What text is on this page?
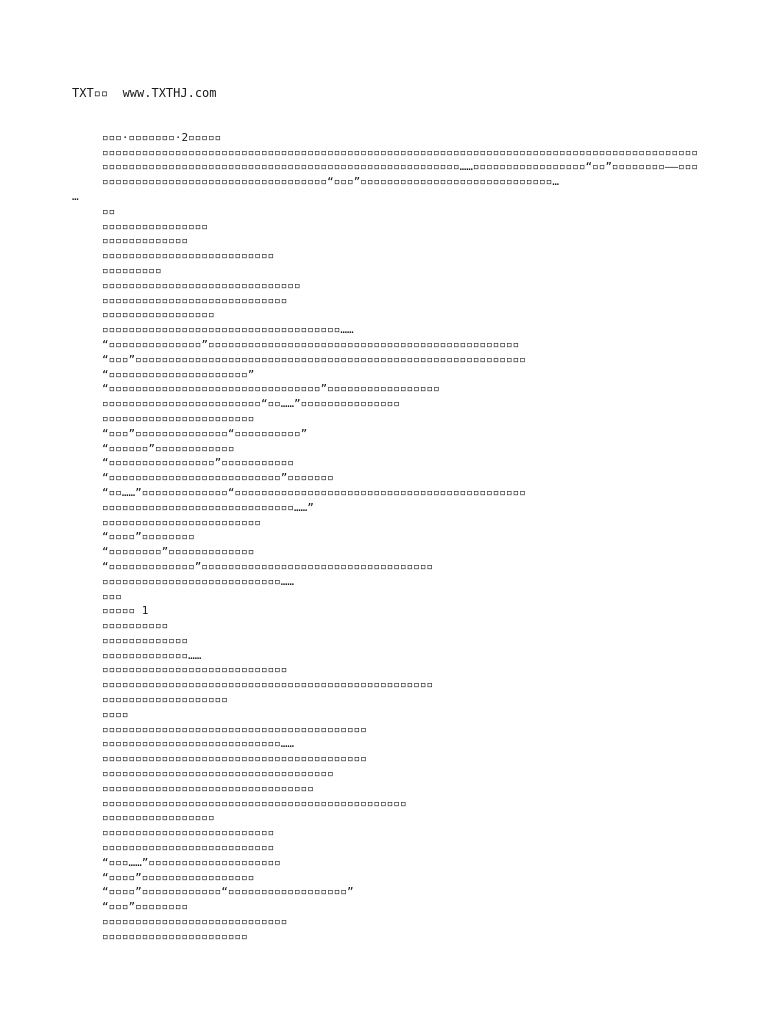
TXT▫▫  www.TXTHJ.com
▫▫▫·▫▫▫▫▫▫▫·2▫▫▫▫▫
▫▫▫▫▫▫▫▫▫▫▫▫▫▫▫▫▫▫▫▫▫▫▫▫▫▫▫▫▫▫▫▫▫▫▫▫▫▫▫▫▫▫▫▫▫▫▫▫▫▫▫▫▫▫▫▫▫▫▫▫▫▫▫▫▫▫▫▫▫▫▫▫▫▫▫▫▫▫▫▫▫▫▫▫▫▫▫▫▫▫▫▫▫▫▫▫▫▫▫▫▫▫▫▫▫▫▫▫▫▫▫▫▫▫▫▫▫▫▫▫▫▫▫▫▫▫▫▫▫▫▫▫▫▫▫▫▫▫▫▫▫▫▫▫……▫▫▫▫▫▫▫▫▫▫▫▫▫▫▫▫▫“▫▫”▫▫▫▫▫▫▫▫——▫▫▫▫▫▫▫▫▫▫▫▫▫▫▫▫▫▫▫▫▫▫▫▫▫▫▫▫▫▫▫▫▫▫▫▫▫“▫▫▫”▫▫▫▫▫▫▫▫▫▫▫▫▫▫▫▫▫▫▫▫▫▫▫▫▫▫▫▫▫…
…
▫▫
▫▫▫▫▫▫▫▫▫▫▫▫▫▫▫▫
▫▫▫▫▫▫▫▫▫▫▫▫▫
▫▫▫▫▫▫▫▫▫▫▫▫▫▫▫▫▫▫▫▫▫▫▫▫▫▫
▫▫▫▫▫▫▫▫▫
▫▫▫▫▫▫▫▫▫▫▫▫▫▫▫▫▫▫▫▫▫▫▫▫▫▫▫▫▫▫
▫▫▫▫▫▫▫▫▫▫▫▫▫▫▫▫▫▫▫▫▫▫▫▫▫▫▫▫
▫▫▫▫▫▫▫▫▫▫▫▫▫▫▫▫▫
▫▫▫▫▫▫▫▫▫▫▫▫▫▫▫▫▫▫▫▫▫▫▫▫▫▫▫▫▫▫▫▫▫▫▫▫……
“▫▫▫▫▫▫▫▫▫▫▫▫▫▫”▫▫▫▫▫▫▫▫▫▫▫▫▫▫▫▫▫▫▫▫▫▫▫▫▫▫▫▫▫▫▫▫▫▫▫▫▫▫▫▫▫▫▫▫▫▫▫
“▫▫▫”▫▫▫▫▫▫▫▫▫▫▫▫▫▫▫▫▫▫▫▫▫▫▫▫▫▫▫▫▫▫▫▫▫▫▫▫▫▫▫▫▫▫▫▫▫▫▫▫▫▫▫▫▫▫▫▫▫▫▫
“▫▫▫▫▫▫▫▫▫▫▫▫▫▫▫▫▫▫▫▫▫”
“▫▫▫▫▫▫▫▫▫▫▫▫▫▫▫▫▫▫▫▫▫▫▫▫▫▫▫▫▫▫▫▫”▫▫▫▫▫▫▫▫▫▫▫▫▫▫▫▫▫
▫▫▫▫▫▫▫▫▫▫▫▫▫▫▫▫▫▫▫▫▫▫▫▫“▫▫……”▫▫▫▫▫▫▫▫▫▫▫▫▫▫▫
▫▫▫▫▫▫▫▫▫▫▫▫▫▫▫▫▫▫▫▫▫▫▫
“▫▫▫”▫▫▫▫▫▫▫▫▫▫▫▫▫▫“▫▫▫▫▫▫▫▫▫▫”
“▫▫▫▫▫▫”▫▫▫▫▫▫▫▫▫▫▫▫
“▫▫▫▫▫▫▫▫▫▫▫▫▫▫▫▫”▫▫▫▫▫▫▫▫▫▫▫
“▫▫▫▫▫▫▫▫▫▫▫▫▫▫▫▫▫▫▫▫▫▫▫▫▫▫”▫▫▫▫▫▫▫
“▫▫……”▫▫▫▫▫▫▫▫▫▫▫▫▫“▫▫▫▫▫▫▫▫▫▫▫▫▫▫▫▫▫▫▫▫▫▫▫▫▫▫▫▫▫▫▫▫▫▫▫▫▫▫▫▫▫▫▫▫
▫▫▫▫▫▫▫▫▫▫▫▫▫▫▫▫▫▫▫▫▫▫▫▫▫▫▫▫▫……”
▫▫▫▫▫▫▫▫▫▫▫▫▫▫▫▫▫▫▫▫▫▫▫▫
“▫▫▫▫”▫▫▫▫▫▫▫▫
“▫▫▫▫▫▫▫▫”▫▫▫▫▫▫▫▫▫▫▫▫▫
“▫▫▫▫▫▫▫▫▫▫▫▫▫”▫▫▫▫▫▫▫▫▫▫▫▫▫▫▫▫▫▫▫▫▫▫▫▫▫▫▫▫▫▫▫▫▫▫▫
▫▫▫▫▫▫▫▫▫▫▫▫▫▫▫▫▫▫▫▫▫▫▫▫▫▫▫……
▫▫▫
▫▫▫▫▫ 1
▫▫▫▫▫▫▫▫▫▫
▫▫▫▫▫▫▫▫▫▫▫▫▫
▫▫▫▫▫▫▫▫▫▫▫▫▫……
▫▫▫▫▫▫▫▫▫▫▫▫▫▫▫▫▫▫▫▫▫▫▫▫▫▫▫▫
▫▫▫▫▫▫▫▫▫▫▫▫▫▫▫▫▫▫▫▫▫▫▫▫▫▫▫▫▫▫▫▫▫▫▫▫▫▫▫▫▫▫▫▫▫▫▫▫▫▫
▫▫▫▫▫▫▫▫▫▫▫▫▫▫▫▫▫▫▫
▫▫▫▫
▫▫▫▫▫▫▫▫▫▫▫▫▫▫▫▫▫▫▫▫▫▫▫▫▫▫▫▫▫▫▫▫▫▫▫▫▫▫▫▫
▫▫▫▫▫▫▫▫▫▫▫▫▫▫▫▫▫▫▫▫▫▫▫▫▫▫▫……
▫▫▫▫▫▫▫▫▫▫▫▫▫▫▫▫▫▫▫▫▫▫▫▫▫▫▫▫▫▫▫▫▫▫▫▫▫▫▫▫
▫▫▫▫▫▫▫▫▫▫▫▫▫▫▫▫▫▫▫▫▫▫▫▫▫▫▫▫▫▫▫▫▫▫▫
▫▫▫▫▫▫▫▫▫▫▫▫▫▫▫▫▫▫▫▫▫▫▫▫▫▫▫▫▫▫▫▫
▫▫▫▫▫▫▫▫▫▫▫▫▫▫▫▫▫▫▫▫▫▫▫▫▫▫▫▫▫▫▫▫▫▫▫▫▫▫▫▫▫▫▫▫▫▫
▫▫▫▫▫▫▫▫▫▫▫▫▫▫▫▫▫
▫▫▫▫▫▫▫▫▫▫▫▫▫▫▫▫▫▫▫▫▫▫▫▫▫▫
▫▫▫▫▫▫▫▫▫▫▫▫▫▫▫▫▫▫▫▫▫▫▫▫▫▫
“▫▫▫……”▫▫▫▫▫▫▫▫▫▫▫▫▫▫▫▫▫▫▫▫
“▫▫▫▫”▫▫▫▫▫▫▫▫▫▫▫▫▫▫▫▫▫
“▫▫▫▫”▫▫▫▫▫▫▫▫▫▫▫▫“▫▫▫▫▫▫▫▫▫▫▫▫▫▫▫▫▫▫”
“▫▫▫”▫▫▫▫▫▫▫▫
▫▫▫▫▫▫▫▫▫▫▫▫▫▫▫▫▫▫▫▫▫▫▫▫▫▫▫▫
▫▫▫▫▫▫▫▫▫▫▫▫▫▫▫▫▫▫▫▫▫▫
